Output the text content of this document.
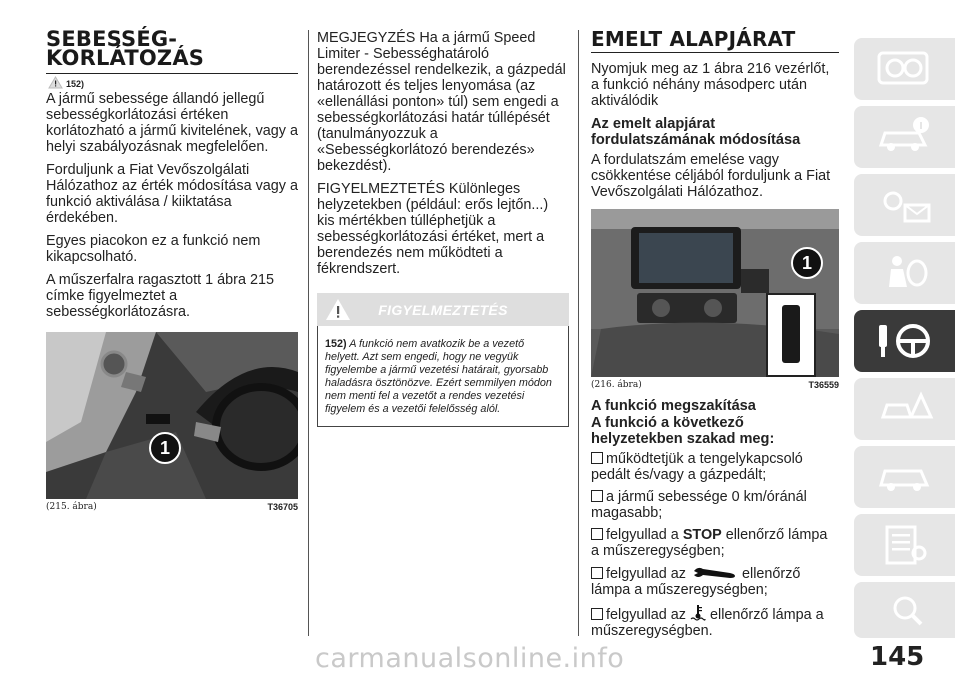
SEBESSÉG-
KORLÁTOZÁS
152)

A jármű sebessége állandó jellegű sebességkorlátozási értéken korlátozható a jármű kivitelének, vagy a helyi szabályozásnak megfelelően.

Forduljunk a Fiat Vevőszolgálati Hálózathoz az érték módosítása vagy a funkció aktiválása / kiiktatása érdekében.

Egyes piacokon ez a funkció nem kikapcsolható.

A műszerfalra ragasztott 1 ábra 215 címke figyelmeztet a sebességkorlátozásra.

1
(215. ábra)	T36705

MEGJEGYZÉS Ha a jármű Speed Limiter - Sebességhatároló berendezéssel rendelkezik, a gázpedál határozott és teljes lenyomása (az «ellenállási ponton» túl) sem engedi a sebességkorlátozási határ túllépését (tanulmányozzuk a «Sebességkorlátozó berendezés» bekezdést).

FIGYELMEZTETÉS Különleges helyzetekben (például: erős lejtőn...) kis mértékben túlléphetjük a sebességkorlátozási értéket, mert a berendezés nem működteti a fékrendszert.

FIGYELMEZTETÉS
152) A funkció nem avatkozik be a vezető helyett. Azt sem engedi, hogy ne vegyük figyelembe a jármű vezetési határait, gyorsabb haladásra ösztönözve. Ezért semmilyen módon nem menti fel a vezetőt a rendes vezetési figyelem és a vezetői felelősség alól.
EMELT ALAPJÁRAT

Nyomjuk meg az 1 ábra 216 vezérlőt, a funkció néhány másodperc után aktiválódik

Az emelt alapjárat fordulatszámának módosítása

A fordulatszám emelése vagy csökkentése céljából forduljunk a Fiat Vevőszolgálati Hálózathoz.

1
(216. ábra)	T36559

A funkció megszakítása

A funkció a következő helyzetekben szakad meg:

működtetjük a tengelykapcsoló pedált és/vagy a gázpedált;
a jármű sebessége 0 km/óránál magasabb;
felgyullad a STOP ellenőrző lámpa a műszeregységben;
felgyullad az	ellenőrző lámpa a műszeregységben;
felgyullad az  ellenőrző lámpa a műszeregységben.
carmanualsonline.info	145
